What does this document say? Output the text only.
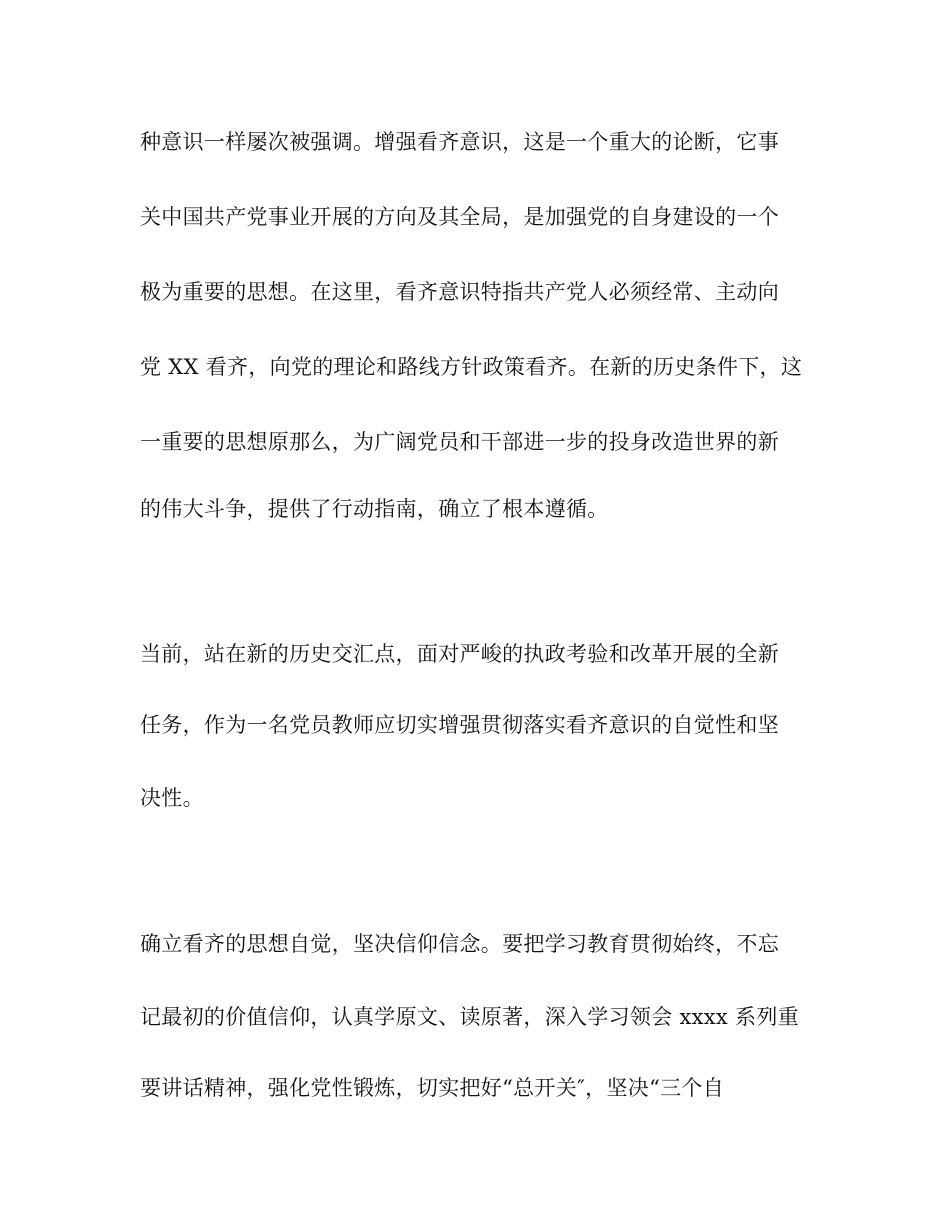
种意识一样屡次被强调。增强看齐意识，这是一个重大的论断，它事
关中国共产党事业开展的方向及其全局，是加强党的自身建设的一个
极为重要的思想。在这里，看齐意识特指共产党人必须经常、主动向
党 XX 看齐，向党的理论和路线方针政策看齐。在新的历史条件下，这
一重要的思想原那么，为广阔党员和干部进一步的投身改造世界的新
的伟大斗争，提供了行动指南，确立了根本遵循。
当前，站在新的历史交汇点，面对严峻的执政考验和改革开展的全新
任务，作为一名党员教师应切实增强贯彻落实看齐意识的自觉性和坚
决性。
确立看齐的思想自觉，坚决信仰信念。要把学习教育贯彻始终，不忘
记最初的价值信仰，认真学原文、读原著，深入学习领会 xxxx 系列重
要讲话精神，强化党性锻炼，切实把好“总开关″，坚决“三个自
